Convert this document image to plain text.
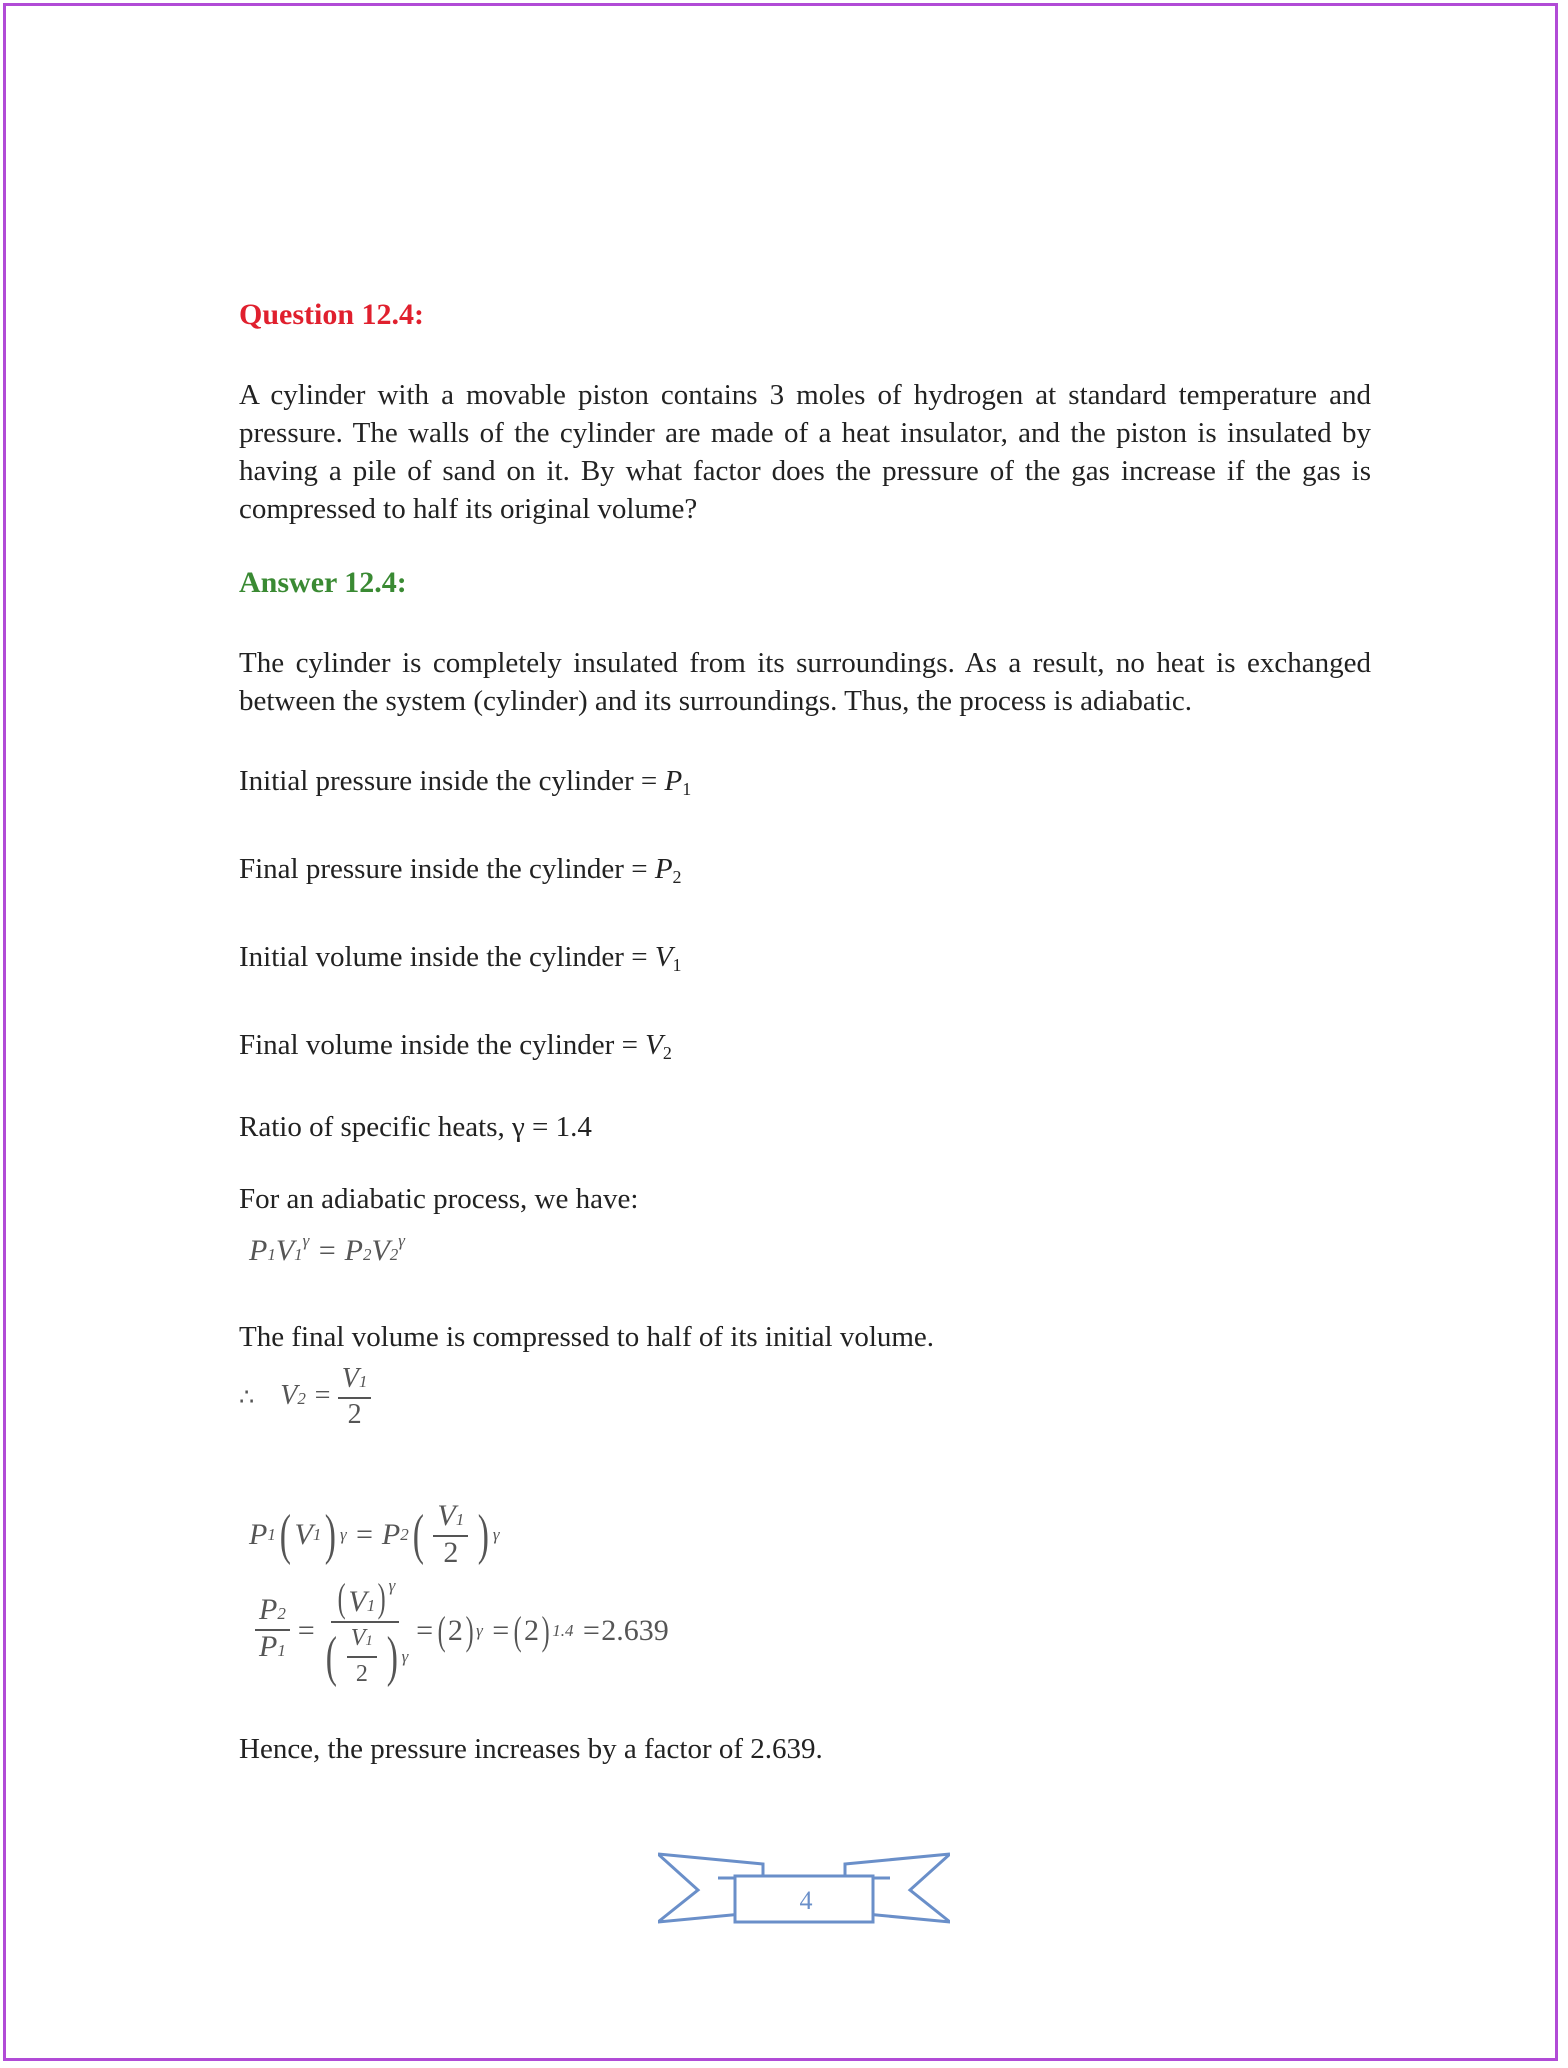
Question 12.4:

A cylinder with a movable piston contains 3 moles of hydrogen at standard temperature and pressure. The walls of the cylinder are made of a heat insulator, and the piston is insulated by having a pile of sand on it. By what factor does the pressure of the gas increase if the gas is compressed to half its original volume?

Answer 12.4:

The cylinder is completely insulated from its surroundings. As a result, no heat is exchanged between the system (cylinder) and its surroundings. Thus, the process is adiabatic.

Initial pressure inside the cylinder = $P_1$
Final pressure inside the cylinder = $P_2$
Initial volume inside the cylinder = $V_1$
Final volume inside the cylinder = $V_2$
Ratio of specific heats, γ = 1.4
For an adiabatic process, we have:
$P1V1^\gamma = P2V2^\gamma$
The final volume is compressed to half of its initial volume.
∴ $V2 = \frac{V1}{2}$
P 1 ( V 1 ) γ = P 2 ( $\frac{V1}{2}$ ) γ
$\frac{P2}{P1} = \frac{(V1) ^\gamma}{( \frac{V1}{2} ) \gamma}$ = ( 2 ) γ = ( 2 ) 1.4 = 2.639
Hence, the pressure increases by a factor of 2.639.
4
